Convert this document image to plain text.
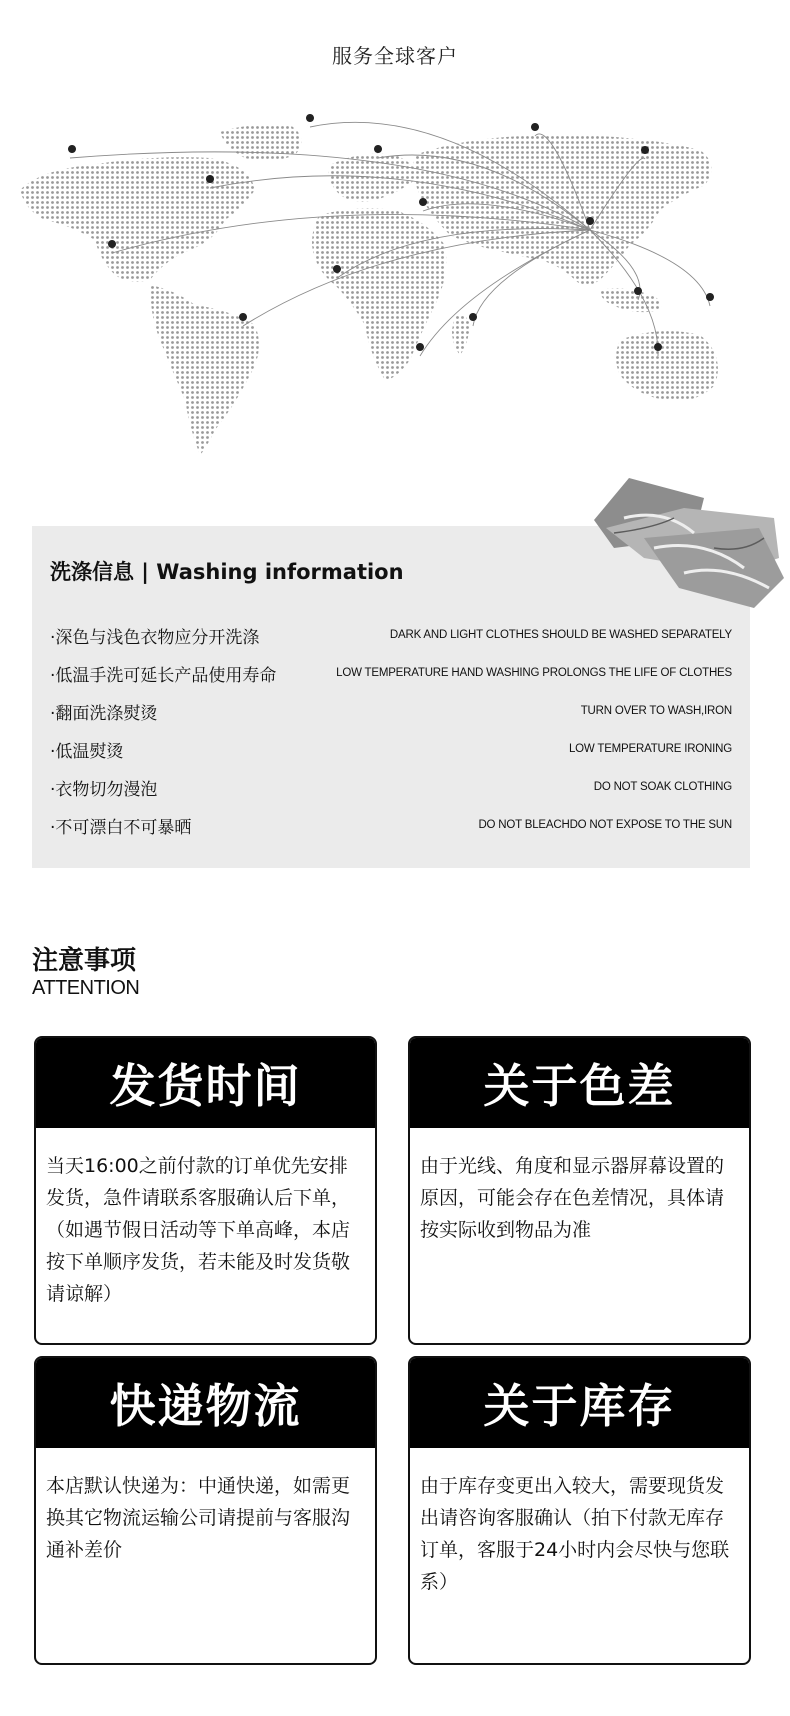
服务全球客户
洗涤信息 | Washing information
·深色与浅色衣物应分开洗涤	DARK AND LIGHT CLOTHES SHOULD BE WASHED SEPARATELY
·低温手洗可延长产品使用寿命	LOW TEMPERATURE HAND WASHING PROLONGS THE LIFE OF CLOTHES
·翻面洗涤熨烫	TURN OVER TO WASH,IRON
·低温熨烫	LOW TEMPERATURE IRONING
·衣物切勿漫泡	DO NOT SOAK CLOTHING
·不可漂白不可暴晒	DO NOT BLEACHDO NOT EXPOSE TO THE SUN
注意事项
ATTENTION
发货时间
当天16:00之前付款的订单优先安排发货，急件请联系客服确认后下单，（如遇节假日活动等下单高峰，本店按下单顺序发货，若未能及时发货敬请谅解）
关于色差
由于光线、角度和显示器屏幕设置的原因，可能会存在色差情况，具体请按实际收到物品为准
快递物流
本店默认快递为：中通快递，如需更换其它物流运输公司请提前与客服沟通补差价
关于库存
由于库存变更出入较大，需要现货发出请咨询客服确认（拍下付款无库存订单，客服于24小时内会尽快与您联系）
